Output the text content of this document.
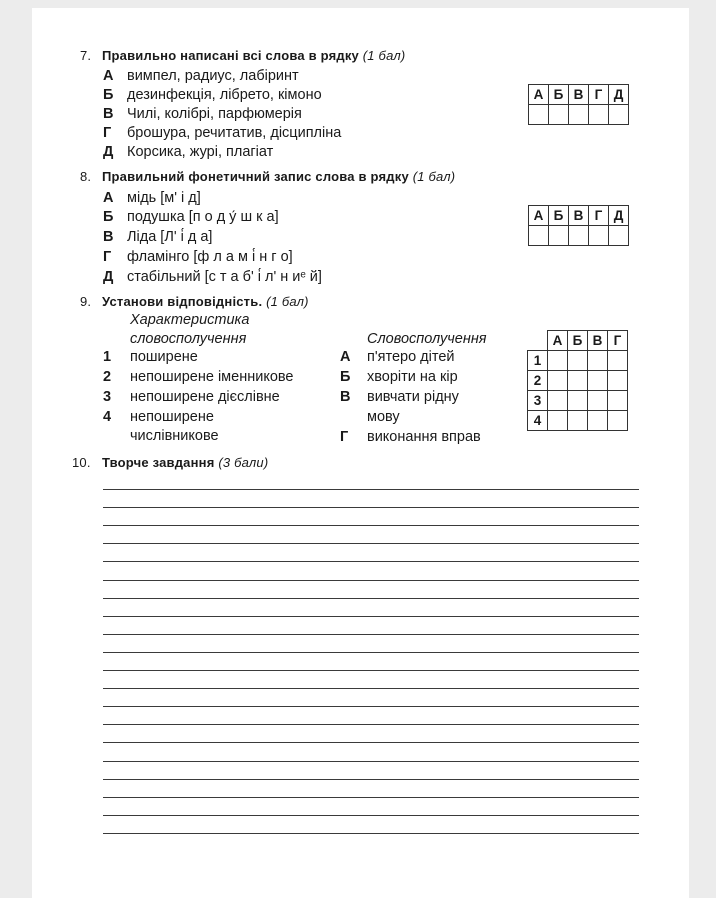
7. Правильно написані всі слова в рядку (1 бал)
А вимпел, радиус, лабіринт
Б дезинфекція, лібрето, кімоно
В Чилі, колібрі, парфюмерія
Г брошура, речитатив, дісципліна
Д Корсика, журі, плагіат
А	Б	В	Г	Д

8. Правильний фонетичний запис слова в рядку (1 бал)
А мідь [м' і д]
Б подушка [п о д у́ ш к а]
В Ліда [Л' і́ д а]
Г фламінго [ф л а м і́ н г о]
Д стабільний [с т а б' і́ л' н иᵉ й]
А	Б	В	Г	Д

9. Установи відповідність. (1 бал)
Характеристика
словосполучення	Словосполучення
1 поширене
2 непоширене іменникове
3 непоширене дієслівне
4 непоширене
числівникове
А п'ятеро дітей
Б хворіти на кір
В вивчати рідну
мову
Г виконання вправ
	А	Б	В	Г
1				
2				
3				
4				
10. Творче завдання (3 бали)
